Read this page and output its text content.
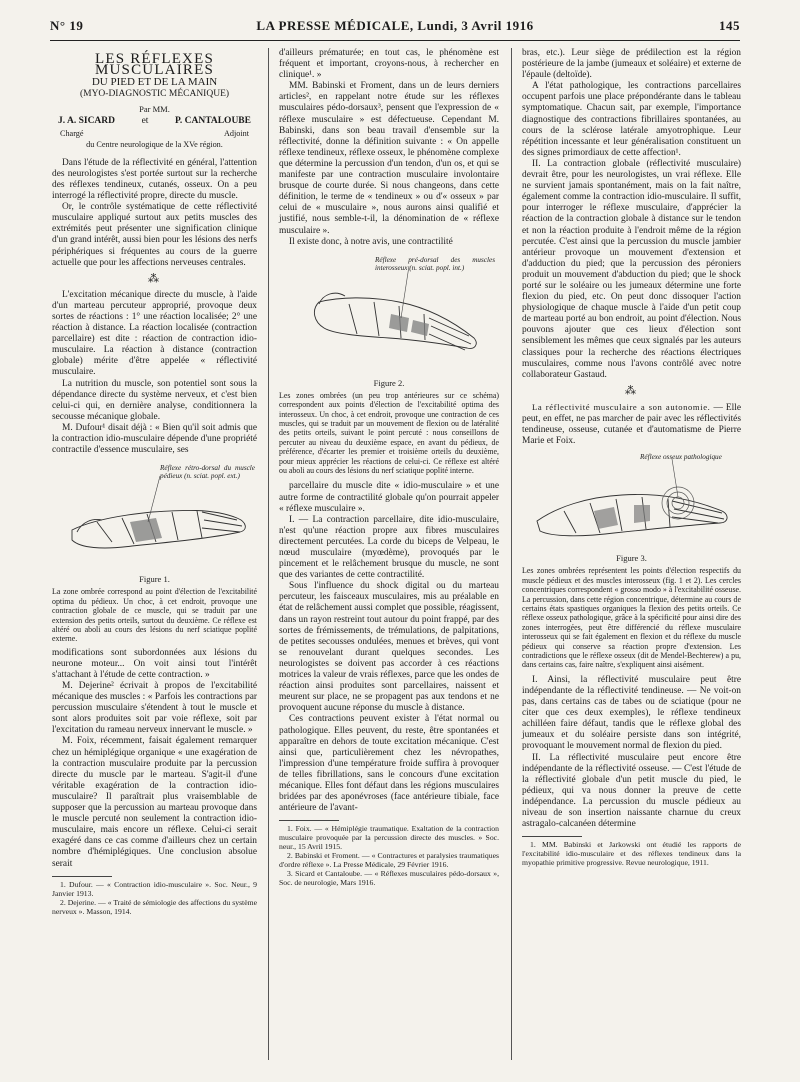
N° 19	LA PRESSE MÉDICALE, Lundi, 3 Avril 1916	145
LES RÉFLEXES MUSCULAIRES
DU PIED ET DE LA MAIN
(MYO-DIAGNOSTIC MÉCANIQUE)
Par MM.
J. A. SICARD	et	P. CANTALOUBE
Chargé	Adjoint
du Centre neurologique de la XVe région.

Dans l'étude de la réflectivité en général, l'attention des neurologistes s'est portée surtout sur la recherche des réflexes tendineux, cutanés, osseux. On a peu interrogé la réflectivité propre, directe du muscle.

Or, le contrôle systématique de cette réflectivité musculaire appliqué surtout aux petits muscles des extrémités peut présenter une signification clinique d'un grand intérêt, aussi bien pour les lésions des nerfs périphériques si fréquentes au cours de la guerre actuelle que pour les affections nerveuses centrales.

⁂

L'excitation mécanique directe du muscle, à l'aide d'un marteau percuteur approprié, provoque deux sortes de réactions : 1° une réaction localisée; 2° une réaction à distance. La réaction localisée (contraction parcellaire) est dite : réaction de contraction idio-musculaire. La réaction à distance (contraction globale) mérite d'être appelée « réflectivité musculaire.

La nutrition du muscle, son potentiel sont sous la dépendance directe du système nerveux, et c'est bien celui-ci qui, en dernière analyse, conditionnera la secousse mécanique globale.

M. Dufour¹ disait déjà : « Bien qu'il soit admis que la contraction idio-musculaire dépende d'une propriété contractile d'essence musculaire, ses

Réflexe rétro-dorsal du muscle pédieux (n. sciat. popl. ext.)
Figure 1.
La zone ombrée correspond au point d'élection de l'excitabilité optima du pédieux. Un choc, à cet endroit, provoque une contraction globale de ce muscle, qui se traduit par une extension des petits orteils, surtout du deuxième. Ce réflexe est altéré ou aboli au cours des lésions du nerf sciatique poplité externe.

modifications sont subordonnées aux lésions du neurone moteur... On voit ainsi tout l'intérêt s'attachant à l'étude de cette contraction. »

M. Dejerine² écrivait à propos de l'excitabilité mécanique des muscles : « Parfois les contractions par percussion musculaire s'étendent à tout le muscle et sont alors produites soit par voie réflexe, soit par l'excitation du rameau nerveux innervant le muscle. »

M. Foix, récemment, faisait également remarquer chez un hémiplégique organique « une exagération de la contraction musculaire produite par la percussion directe du muscle par le marteau. S'agit-il d'une véritable exagération de la contraction idio-musculaire? Il paraîtrait plus vraisemblable de supposer que la percussion au marteau provoque dans le muscle percuté non seulement la contraction idio-musculaire, mais encore un réflexe. Celui-ci serait exagéré dans ce cas comme d'ailleurs chez un certain nombre d'hémiplégiques. Une conclusion absolue serait

1. Dufour. — « Contraction idio-musculaire ». Soc. Neur., 9 Janvier 1913.
2. Dejerine. — « Traité de sémiologie des affections du système nerveux ». Masson, 1914.

d'ailleurs prématurée; en tout cas, le phénomène est fréquent et important, croyons-nous, à rechercher en clinique¹. »

MM. Babinski et Froment, dans un de leurs derniers articles², en rappelant notre étude sur les réflexes musculaires pédo-dorsaux³, pensent que l'expression de « réflexe musculaire » est défectueuse. Cependant M. Babinski, dans son beau travail d'ensemble sur la réflectivité, donne la définition suivante : « On appelle réflexe tendineux, réflexe osseux, le phénomène complexe que détermine la percussion d'un tendon, d'un os, et qui se manifeste par une contraction musculaire involontaire brusque de courte durée. Si nous changeons, dans cette définition, le terme de « tendineux » ou d'« osseux » par celui de « musculaire », nous aurons ainsi qualifié et justifié, nous semble-t-il, la dénomination de « réflexe musculaire ».

Il existe donc, à notre avis, une contractilité

Réflexe pré-dorsal des muscles interosseux (n. sciat. popl. int.)
Figure 2.
Les zones ombrées (un peu trop antérieures sur ce schéma) correspondent aux points d'élection de l'excitabilité optima des interosseux. Un choc, à cet endroit, provoque une contraction de ces muscles, qui se traduit par un mouvement de flexion ou de latéralité des petits orteils, suivant le point percuté : nous conseillons de percuter au niveau du deuxième espace, en avant du pédieux, de préférence, d'écarter les premier et troisième orteils du deuxième, pour mieux apprécier les réactions de celui-ci. Ce réflexe est altéré ou aboli au cours des lésions du nerf sciatique poplité interne.

parcellaire du muscle dite « idio-musculaire » et une autre forme de contractilité globale qu'on pourrait appeler « réflexe musculaire ».

I. — La contraction parcellaire, dite idio-musculaire, n'est qu'une réaction propre aux fibres musculaires directement percutées. La corde du biceps de Velpeau, le nœud musculaire (myœdème), provoqués par le pincement et le relâchement brusque du muscle, ne sont que des variantes de cette contractilité.

Sous l'influence du shock digital ou du marteau percuteur, les faisceaux musculaires, mis au préalable en état de relâchement aussi complet que possible, réagissent, dans un rayon restreint tout autour du point frappé, par des sortes de frémissements, de trémulations, de palpitations, de petites secousses ondulées, menues et brèves, qui vont se renouvelant durant quelques secondes. Les neurologistes se doivent pas accorder à ces réactions motrices la valeur de vrais réflexes, parce que les ondes de réaction ainsi produites sont parcellaires, naissent et meurent sur place, ne se propagent pas aux tendons et ne provoquent aucune réponse du muscle à distance.

Ces contractions peuvent exister à l'état normal ou pathologique. Elles peuvent, du reste, être spontanées et apparaître en dehors de toute excitation mécanique. C'est ainsi que, particulièrement chez les névropathes, l'impression d'une température froide suffira à provoquer de telles fibrillations, sans le concours d'une excitation mécanique. Elles font défaut dans les régions musculaires bridées par des aponévroses (face antérieure tibiale, face antérieure de l'avant-

1. Foix. — « Hémiplégie traumatique. Exaltation de la contraction musculaire provoquée par la percussion directe des muscles. » Soc. neur., 15 Avril 1915.
2. Babinski et Froment. — « Contractures et paralysies traumatiques d'ordre réflexe ». La Presse Médicale, 29 Février 1916.
3. Sicard et Cantaloube. — « Réflexes musculaires pédo-dorsaux », Soc. de neurologie, Mars 1916.

bras, etc.). Leur siège de prédilection est la région postérieure de la jambe (jumeaux et soléaire) et externe de l'épaule (deltoïde).

A l'état pathologique, les contractions parcellaires occupent parfois une place prépondérante dans le tableau symptomatique. Chacun sait, par exemple, l'importance diagnostique des contractions fibrillaires spontanées, au cours de la sclérose latérale amyotrophique. Leur répétition incessante et leur généralisation constituent un des signes primordiaux de cette affection¹.

II. La contraction globale (réflectivité musculaire) devrait être, pour les neurologistes, un vrai réflexe. Elle ne survient jamais spontanément, mais on la fait naître, également comme la contraction idio-musculaire. Il suffit, pour interroger le réflexe musculaire, d'apprécier la réaction de la contraction globale à distance sur le tendon et non la réaction produite à l'endroit même de la région percutée. C'est ainsi que la percussion du muscle jambier antérieur provoque un mouvement d'extension et d'adduction du pied; que la percussion des péroniers produit un mouvement d'abduction du pied; que le shock porté sur le soléaire ou les jumeaux détermine une forte flexion du pied, etc. On peut donc dissoquer l'action physiologique de chaque muscle à l'aide d'un petit coup de marteau porté au bon endroit, au point d'élection. Nous pouvons ajouter que ces lieux d'élection sont sensiblement les mêmes que ceux signalés par les auteurs classiques pour la recherche des réactions électriques musculaires, comme nous l'avons contrôlé avec notre collaborateur Gastaud.

⁂

La réflectivité musculaire a son autonomie. — Elle peut, en effet, ne pas marcher de pair avec les réflectivités tendineuse, osseuse, cutanée et d'automatisme de Pierre Marie et Foix.

Réflexe osseux pathologique
Figure 3.
Les zones ombrées représentent les points d'élection respectifs du muscle pédieux et des muscles interosseux (fig. 1 et 2). Les cercles concentriques correspondent « grosso modo » à l'excitabilité osseuse. La percussion, dans cette région concentrique, détermine au cours de certains états spastiques organiques la flexion des petits orteils. Ce réflexe osseux pathologique, grâce à la spécificité pour ainsi dire des zones interrogées, peut être différencié du réflexe musculaire interosseux qui se fait également en flexion et du réflexe du muscle pédieux qui conserve sa réaction propre d'extension. Les contradictions que le réflexe osseux (dit de Mendel-Bechterew) a pu, dans certains cas, faire naître, s'expliquent ainsi aisément.

I. Ainsi, la réflectivité musculaire peut être indépendante de la réflectivité tendineuse. — Ne voit-on pas, dans certains cas de tabes ou de sciatique (pour ne citer que ces deux exemples), le réflexe tendineux achilléen faire défaut, tandis que le réflexe global des jumeaux et du soléaire persiste dans son intégrité, provoquant le mouvement normal de flexion du pied.

II. La réflectivité musculaire peut encore être indépendante de la réflectivité osseuse. — C'est l'étude de la réflectivité globale d'un petit muscle du pied, le pédieux, qui va nous donner la preuve de cette indépendance. La percussion du muscle pédieux au niveau de son insertion naissante charnue du creux astragalo-calcanéen détermine

1. MM. Babinski et Jarkowski ont étudié les rapports de l'excitabilité idio-musculaire et des réflexes tendineux dans la myopathie primitive progressive. Revue neurologique, 1911.
